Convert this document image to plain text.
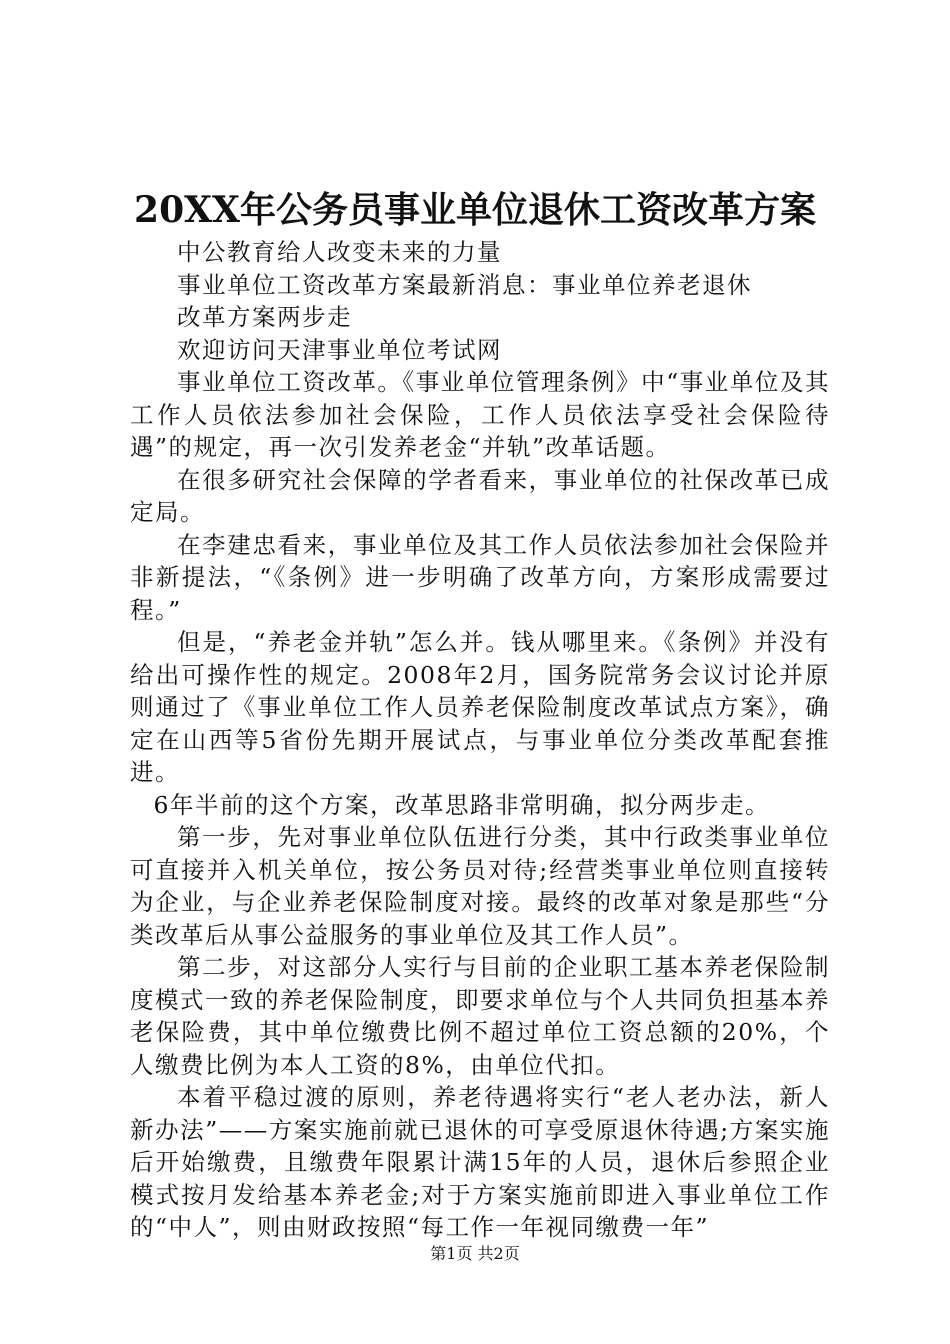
20XX年公务员事业单位退休工资改革方案

中公教育给人改变未来的力量

事业单位工资改革方案最新消息：事业单位养老退休

改革方案两步走

欢迎访问天津事业单位考试网

事业单位工资改革。《事业单位管理条例》中“事业单位及其工作人员依法参加社会保险，工作人员依法享受社会保险待遇”的规定，再一次引发养老金“并轨”改革话题。

在很多研究社会保障的学者看来，事业单位的社保改革已成定局。

在李建忠看来，事业单位及其工作人员依法参加社会保险并非新提法，“《条例》进一步明确了改革方向，方案形成需要过程。”

但是，“养老金并轨”怎么并。钱从哪里来。《条例》并没有给出可操作性的规定。2008年2月，国务院常务会议讨论并原则通过了《事业单位工作人员养老保险制度改革试点方案》，确定在山西等5省份先期开展试点，与事业单位分类改革配套推进。

6年半前的这个方案，改革思路非常明确，拟分两步走。

第一步，先对事业单位队伍进行分类，其中行政类事业单位可直接并入机关单位，按公务员对待;经营类事业单位则直接转为企业，与企业养老保险制度对接。最终的改革对象是那些“分类改革后从事公益服务的事业单位及其工作人员”。

第二步，对这部分人实行与目前的企业职工基本养老保险制度模式一致的养老保险制度，即要求单位与个人共同负担基本养老保险费，其中单位缴费比例不超过单位工资总额的20%，个人缴费比例为本人工资的8%，由单位代扣。

本着平稳过渡的原则，养老待遇将实行“老人老办法，新人新办法”——方案实施前就已退休的可享受原退休待遇;方案实施后开始缴费，且缴费年限累计满15年的人员，退休后参照企业模式按月发给基本养老金;对于方案实施前即进入事业单位工作的“中人”，则由财政按照“每工作一年视同缴费一年”

第1页 共2页
